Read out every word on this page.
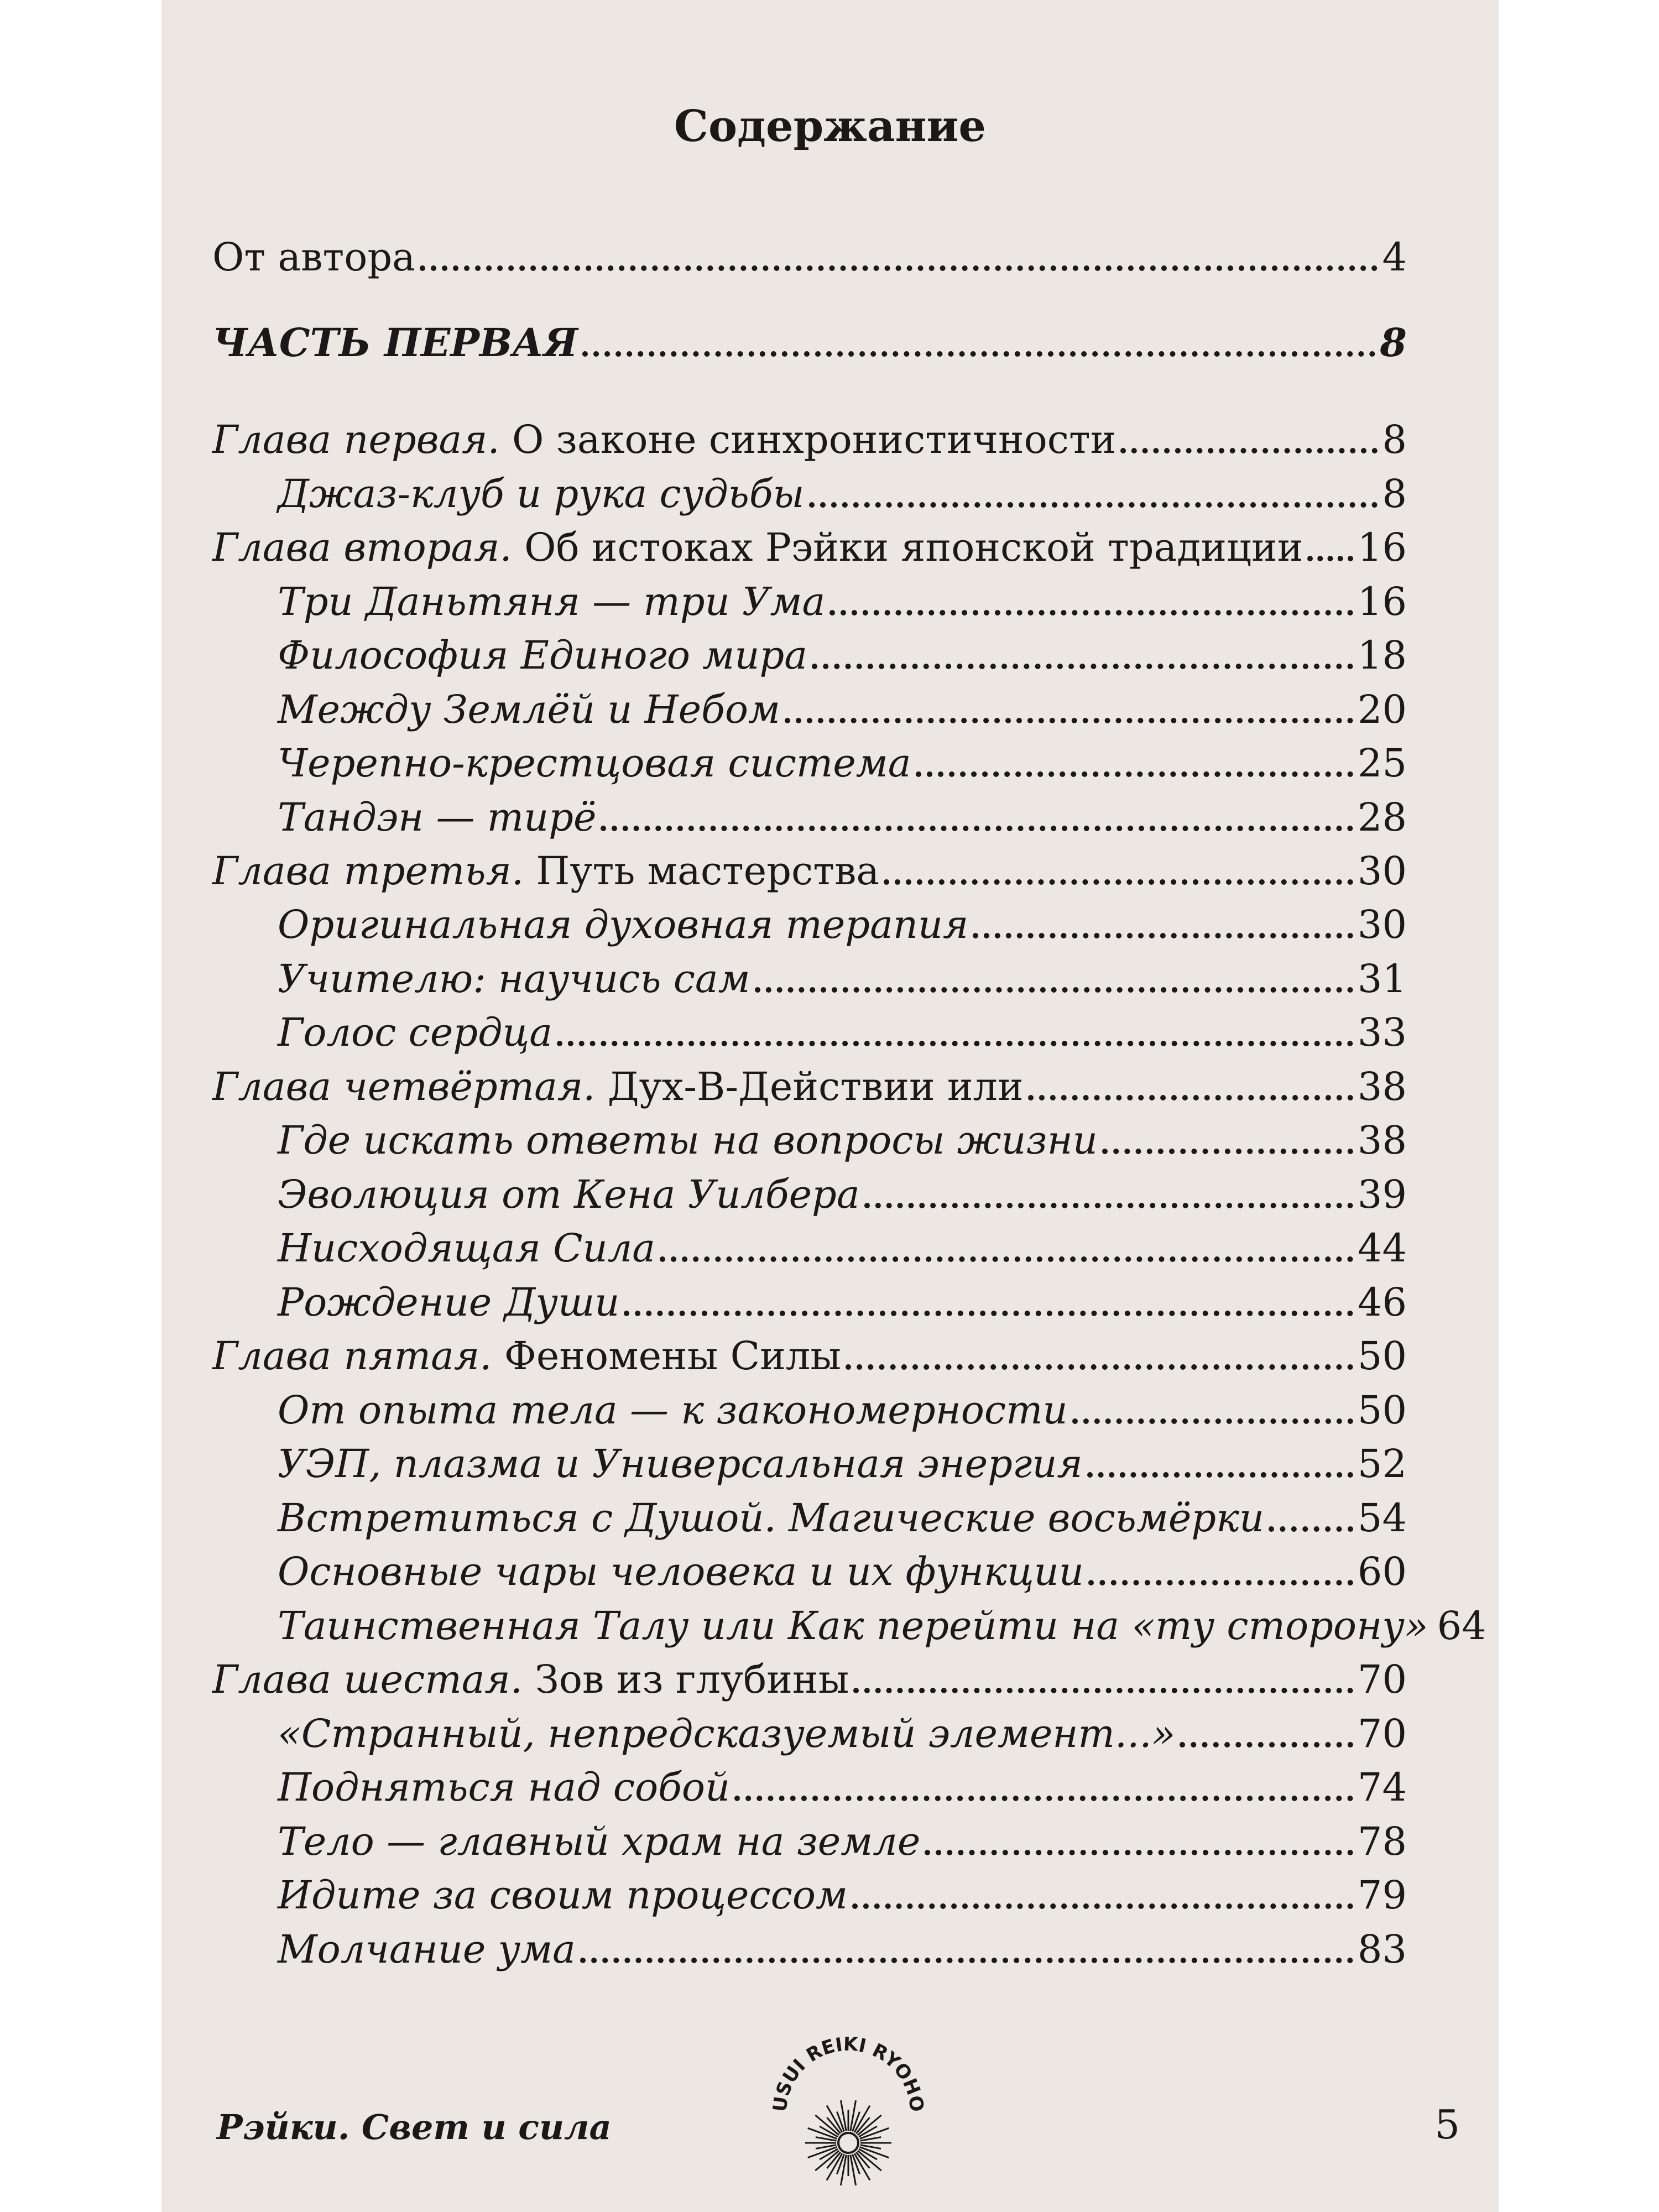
Содержание
От автора	4
ЧАСТЬ ПЕРВАЯ	8
Глава первая. О законе синхронистичности	8
Джаз-клуб и рука судьбы	8
Глава вторая. Об истоках Рэйки японской традиции 16
Три Даньтяня — три Ума	16
Философия Единого мира	18
Между Землёй и Небом	20
Черепно-крестцовая система	25
Тандэн — тирё	28
Глава третья. Путь мастерства	30
Оригинальная духовная терапия	30
Учителю: научись сам	31
Голос сердца	33
Глава четвёртая. Дух-В-Действии или	38
Где искать ответы на вопросы жизни	38
Эволюция от Кена Уилбера	39
Нисходящая Сила	44
Рождение Души	46
Глава пятая. Феномены Силы	50
От опыта тела — к закономерности	50
УЭП, плазма и Универсальная энергия	52
Встретиться с Душой. Магические восьмёрки 54
Основные чары человека и их функции	60
Таинственная Талу или Как перейти на «ту сторону» 64
Глава шестая. Зов из глубины	70
«Странный, непредсказуемый элемент...»	70
Подняться над собой	74
Тело — главный храм на земле	78
Идите за своим процессом	79
Молчание ума	83
Рэйки. Свет и сила
USUI REIKI RYOHO	5
